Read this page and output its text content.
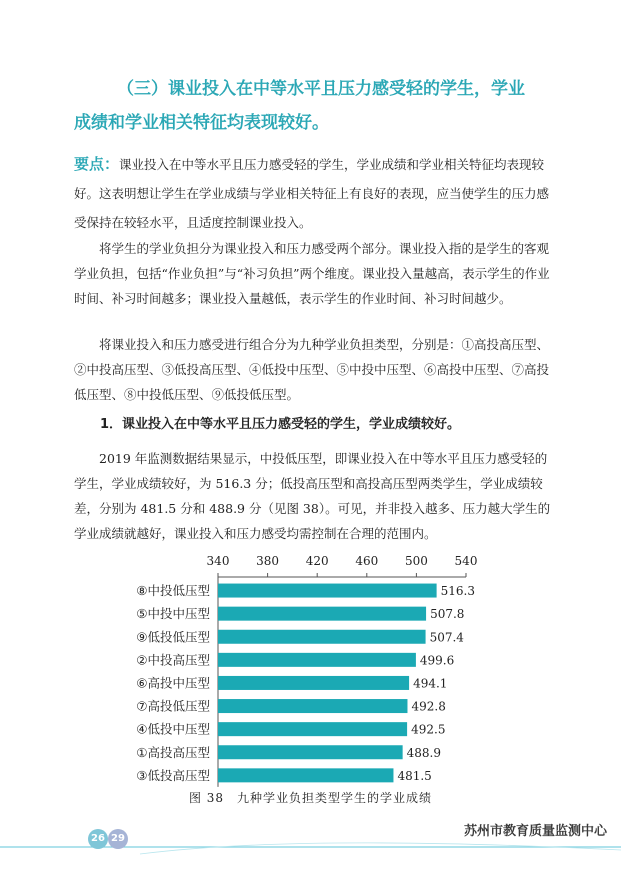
（三）课业投入在中等水平且压力感受轻的学生，学业
成绩和学业相关特征均表现较好。

要点：课业投入在中等水平且压力感受轻的学生，学业成绩和学业相关特征均表现较好。这表明想让学生在学业成绩与学业相关特征上有良好的表现，应当使学生的压力感受保持在较轻水平，且适度控制课业投入。

将学生的学业负担分为课业投入和压力感受两个部分。课业投入指的是学生的客观学业负担，包括“作业负担”与“补习负担”两个维度。课业投入量越高，表示学生的作业时间、补习时间越多；课业投入量越低，表示学生的作业时间、补习时间越少。

将课业投入和压力感受进行组合分为九种学业负担类型，分别是：①高投高压型、②中投高压型、③低投高压型、④低投中压型、⑤中投中压型、⑥高投中压型、⑦高投低压型、⑧中投低压型、⑨低投低压型。

1．课业投入在中等水平且压力感受轻的学生，学业成绩较好。

2019 年监测数据结果显示，中投低压型，即课业投入在中等水平且压力感受轻的学生，学业成绩较好，为 516.3 分；低投高压型和高投高压型两类学生，学业成绩较差，分别为 481.5 分和 488.9 分（见图 38）。可见，并非投入越多、压力越大学生的学业成绩就越好，课业投入和压力感受均需控制在合理的范围内。

340 380 420 460 500 540
⑧中投低压型	516.3
⑤中投中压型	507.8
⑨低投低压型	507.4
②中投高压型	499.6
⑥高投中压型	494.1
⑦高投低压型	492.8
④低投中压型	492.5
①高投高压型	488.9
③低投高压型	481.5

图 38　九种学业负担类型学生的学业成绩

26 29	苏州市教育质量监测中心
